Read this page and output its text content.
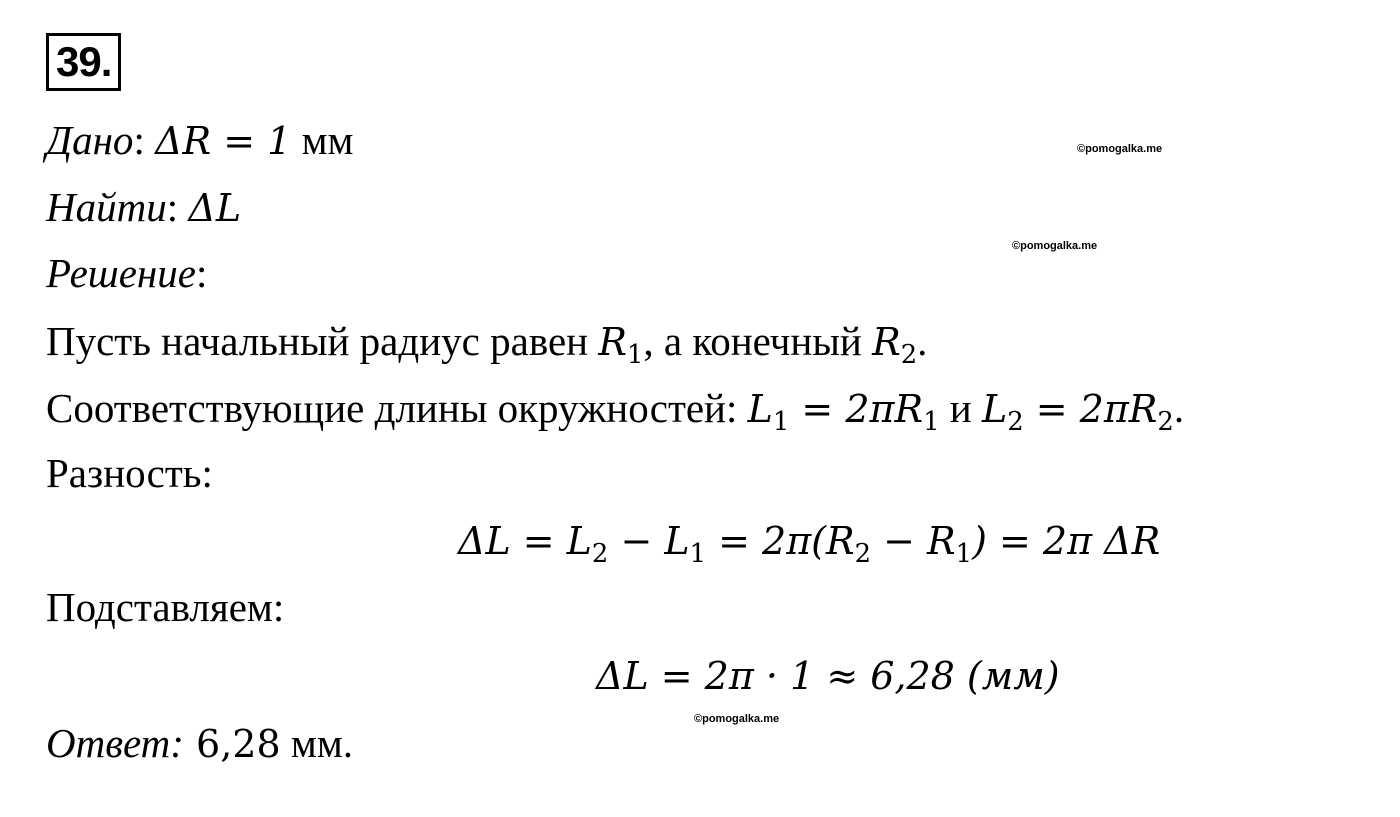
39.
Дано: ΔR = 1 мм
Найти: ΔL
Решение:
Пусть начальный радиус равен $R_1$, а конечный $R_2$.
Соответствующие длины окружностей: $L_1 = 2\pi R_1$ и $L_2 = 2\pi R_2$.
Разность:
$\Delta L = L_2 - L_1 = 2\pi(R_2 - R_1) = 2\pi$ ΔR
Подставляем:
ΔL = 2π · 1 ≈ 6,28 (мм)
Ответ: 6,28 мм.
©pomogalka.me
©pomogalka.me
©pomogalka.me
